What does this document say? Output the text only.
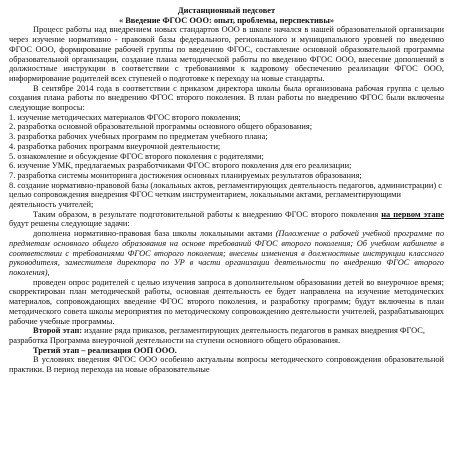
Дистанционный педсовет
« Введение ФГОС ООО: опыт, проблемы, перспективы»

Процесс работы над внедрением новых стандартов ООО в школе начался в нашей образовательной организации через изучение нормативно - правовой базы федерального, регионального и муниципального уровней по введению ФГОС ООО, формирование рабочей группы по введению ФГОС, составление основной образовательной программы образовательной организации, создание плана методической работы по введению ФГОС ООО, внесение дополнений в должностные инструкции в соответствии с требованиями к кадровому обеспечению реализации ФГОС ООО, информирование родителей всех ступеней о подготовке к переходу на новые стандарты.

В сентябре 2014 года в соответствии с приказом директора школы была организована рабочая группа с целью создания плана работы по внедрению ФГОС второго поколения. В план работы по внедрению ФГОС были включены следующие вопросы:

1. изучение методических материалов ФГОС второго поколения;

2. разработка основной образовательной программы основного общего образования;

3. разработка рабочих учебных программ по предметам учебного плана;

4. разработка рабочих программ внеурочной деятельности;

5. ознакомление и обсуждение ФГОС второго поколения с родителями;

6. изучение УМК, предлагаемых разработчиками ФГОС второго поколения для его реализации;

7. разработка системы мониторинга достижения основных планируемых результатов образования;

8. создание нормативно-правовой базы (локальных актов, регламентирующих деятельность педагогов, администрации) с целью сопровождения внедрения ФГОС четким инструментарием, локальными актами, регламентирующими деятельность учителей;

Таким образом, в результате подготовительной работы к внедрению ФГОС второго поколения на первом этапе будут решены следующие задачи:

дополнена нормативно-правовая база школы локальными актами (Положение о рабочей учебной программе по предметам основного общего образования на основе требований ФГОС второго поколения; Об учебном кабинете в соответствии с требованиями ФГОС второго поколения; внесены изменения в должностные инструкции классного руководителя, заместителя директора по УР в части организации деятельности по внедрению ФГОС второго поколения),

проведен опрос родителей с целью изучения запроса в дополнительном образовании детей во внеурочное время; скорректирован план методической работы, основная деятельность ее будет направлена на изучение методических материалов, сопровождающих введение ФГОС второго поколения, и разработку программ; будут включены в план методического совета школы мероприятия по методическому сопровождению деятельности учителей, разрабатывающих рабочие учебные программы.

Второй этап: издание ряда приказов, регламентирующих деятельность педагогов в рамках внедрения ФГОС, разработка Программа внеурочной деятельности на ступени основного общего образования.

Третий этап – реализация ООП ООО.

В условиях введения ФГОС ООО особенно актуальны вопросы методического сопровождения образовательной практики. В период перехода на новые образовательные
